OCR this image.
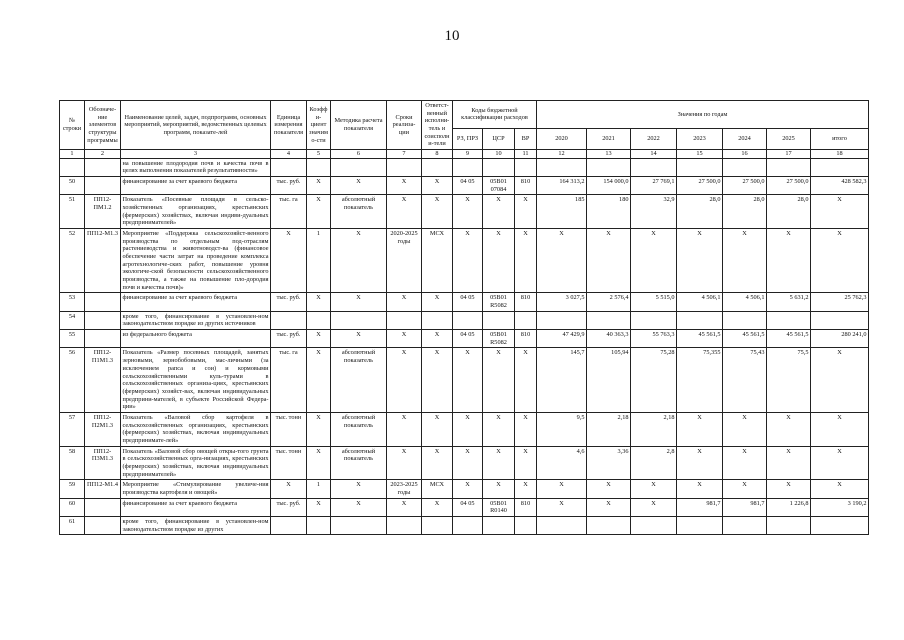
10
№ строки	Обозначе-ние элементов структуры программы	Наименование целей, задач, подпрограмм, основных мероприятий, мероприятий, ведомственных целевых программ, показате-лей	Единица измерения показателя	Коэффи-циент значимо-сти	Методика расчета показателя	Сроки реализа-ции	Ответст-венный исполни-тель и соисполни-тели	Коды бюджетной классификации расходов			Значения по годам						
								РЗ, ПРЗ	ЦСР	ВР	2020	2021	2022	2023	2024	2025	итого
1	2	3	4	5	6	7	8	9	10	11	12	13	14	15	16	17	18
		на повышение плодородия почв и качества почв в целях выполнения показателей результативности»															
50		финансирование за счет краевого бюджета	тыс. руб.	Х	Х	Х	Х	04 05	05В01 07084	810	164 313,2	154 000,0	27 769,1	27 500,0	27 500,0	27 500,0	428 582,3
51	ПП12-ПМ1.2	Показатель «Посевные площади в сельско-хозяйственных организациях, крестьянских (фермерских) хозяйствах, включая индиви-дуальных предпринимателей»	тыс. га	Х	абсолютный показатель	Х	Х	Х	Х	Х	185	180	32,9	28,0	28,0	28,0	Х
52	ПП12-М1.3	Мероприятие «Поддержка сельскохозяйст-венного производства по отдельным под-отраслям растениеводства и животноводст-ва (финансовое обеспечение части затрат на проведение комплекса агротехнологиче-ских работ, повышение уровня экологиче-ской безопасности сельскохозяйственного производства, а также на повышение пло-дородия почв и качества почв)»	Х	1	Х	2020-2025 годы	МСХ	Х	Х	Х	Х	Х	Х	Х	Х	Х	Х
53		финансирование за счет краевого бюджета	тыс. руб.	Х	Х	Х	Х	04 05	05В01 R5082	810	3 027,5	2 576,4	5 515,0	4 506,1	4 506,1	5 631,2	25 762,3
54		кроме того, финансирование в установлен-ном законодательством порядке из других источников															
55		из федерального бюджета	тыс. руб.	Х	Х	Х	Х	04 05	05В01 R5082	810	47 429,9	40 363,3	55 763,3	45 561,5	45 561,5	45 561,5	280 241,0
56	ПП12-П1М1.3	Показатель «Размер посевных площадей, занятых зерновыми, зернобобовыми, мас-личными (за исключением рапса и сои) и кормовыми сельскохозяйственными куль-турами в сельскохозяйственных организа-циях, крестьянских (фермерских) хозяйст-вах, включая индивидуальных предприни-мателей, в субъекте Российской Федера-ции»	тыс. га	Х	абсолютный показатель	Х	Х	Х	Х	Х	145,7	105,94	75,28	75,355	75,43	75,5	Х
57	ПП12-П2М1.3	Показатель «Валовой сбор картофеля в сельскохозяйственных организациях, крестьянских (фермерских) хозяйствах, включая индивидуальных предпринимате-лей»	тыс. тонн	Х	абсолютный показатель	Х	Х	Х	Х	Х	9,5	2,18	2,18	Х	Х	Х	Х
58	ПП12-П3М1.3	Показатель «Валовой сбор овощей откры-того грунта в сельскохозяйственных орга-низациях, крестьянских (фермерских) хозяйствах, включая индивидуальных предпринимателей»	тыс. тонн	Х	абсолютный показатель	Х	Х	Х	Х	Х	4,6	3,36	2,8	Х	Х	Х	Х
59	ПП12-М1.4	Мероприятие «Стимулирование увеличе-ния производства картофеля и овощей»	Х	1	Х	2023-2025 годы	МСХ	Х	Х	Х	Х	Х	Х	Х	Х	Х	Х
60		финансирование за счет краевого бюджета	тыс. руб.	Х	Х	Х	Х	04 05	05В01 R0140	810	Х	Х	Х	981,7	981,7	1 226,8	3 190,2
61		кроме того, финансирование в установлен-ном законодательством порядке из других															
